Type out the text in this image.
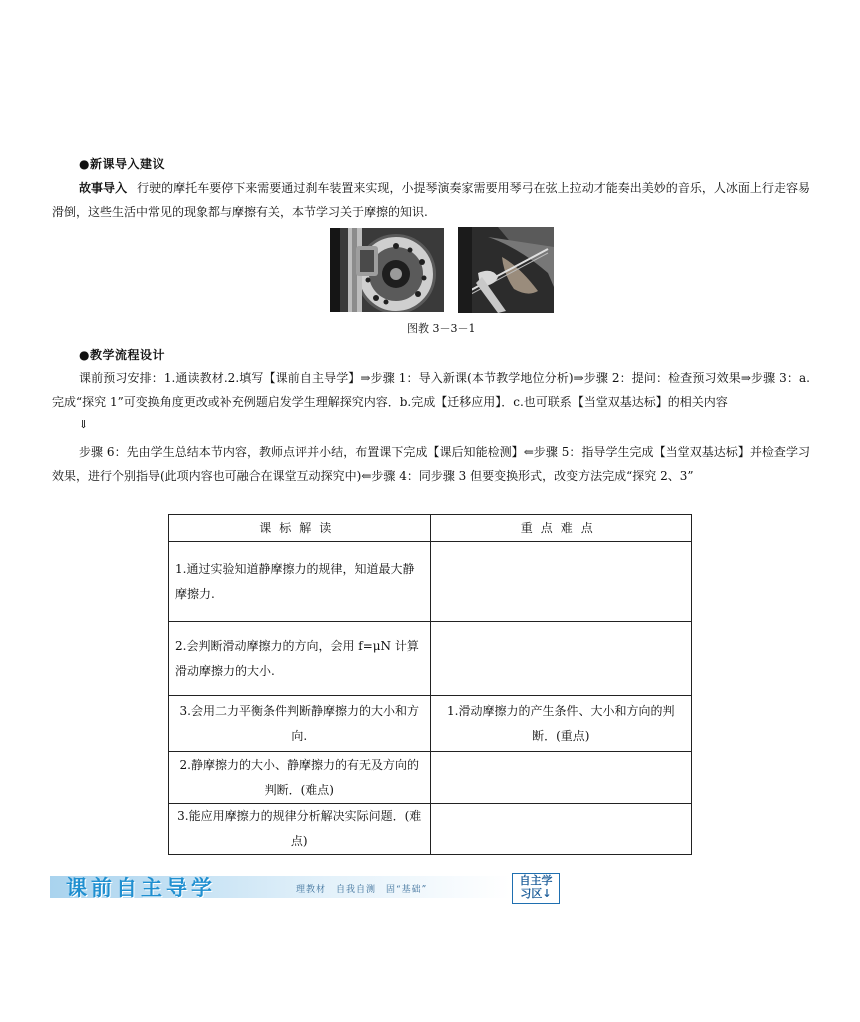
●新课导入建议
故事导入 行驶的摩托车要停下来需要通过刹车装置来实现，小提琴演奏家需要用琴弓在弦上拉动才能奏出美妙的音乐，人冰面上行走容易滑倒，这些生活中常见的现象都与摩擦有关，本节学习关于摩擦的知识.
图教 3－3－1
●教学流程设计
课前预习安排：1.通读教材.2.填写【课前自主导学】⇒步骤 1：导入新课(本节教学地位分析)⇒步骤 2：提问：检查预习效果⇒步骤 3：a.完成“探究 1”可变换角度更改或补充例题启发学生理解探究内容．b.完成【迁移应用】．c.也可联系【当堂双基达标】的相关内容
⇓
步骤 6：先由学生总结本节内容，教师点评并小结，布置课下完成【课后知能检测】⇐步骤 5：指导学生完成【当堂双基达标】并检查学习效果，进行个别指导(此项内容也可融合在课堂互动探究中)⇐步骤 4：同步骤 3 但要变换形式，改变方法完成“探究 2、3”
课标解读	重点难点
1.通过实验知道静摩擦力的规律，知道最大静摩擦力.	
2.会判断滑动摩擦力的方向，会用 f=μN 计算滑动摩擦力的大小.	
3.会用二力平衡条件判断静摩擦力的大小和方向.	1.滑动摩擦力的产生条件、大小和方向的判断．(重点)
2.静摩擦力的大小、静摩擦力的有无及方向的判断．(难点)	
3.能应用摩擦力的规律分析解决实际问题．(难点)	
课前自主导学	理教材　自我自测　固“基础”
自主学
习区↓
